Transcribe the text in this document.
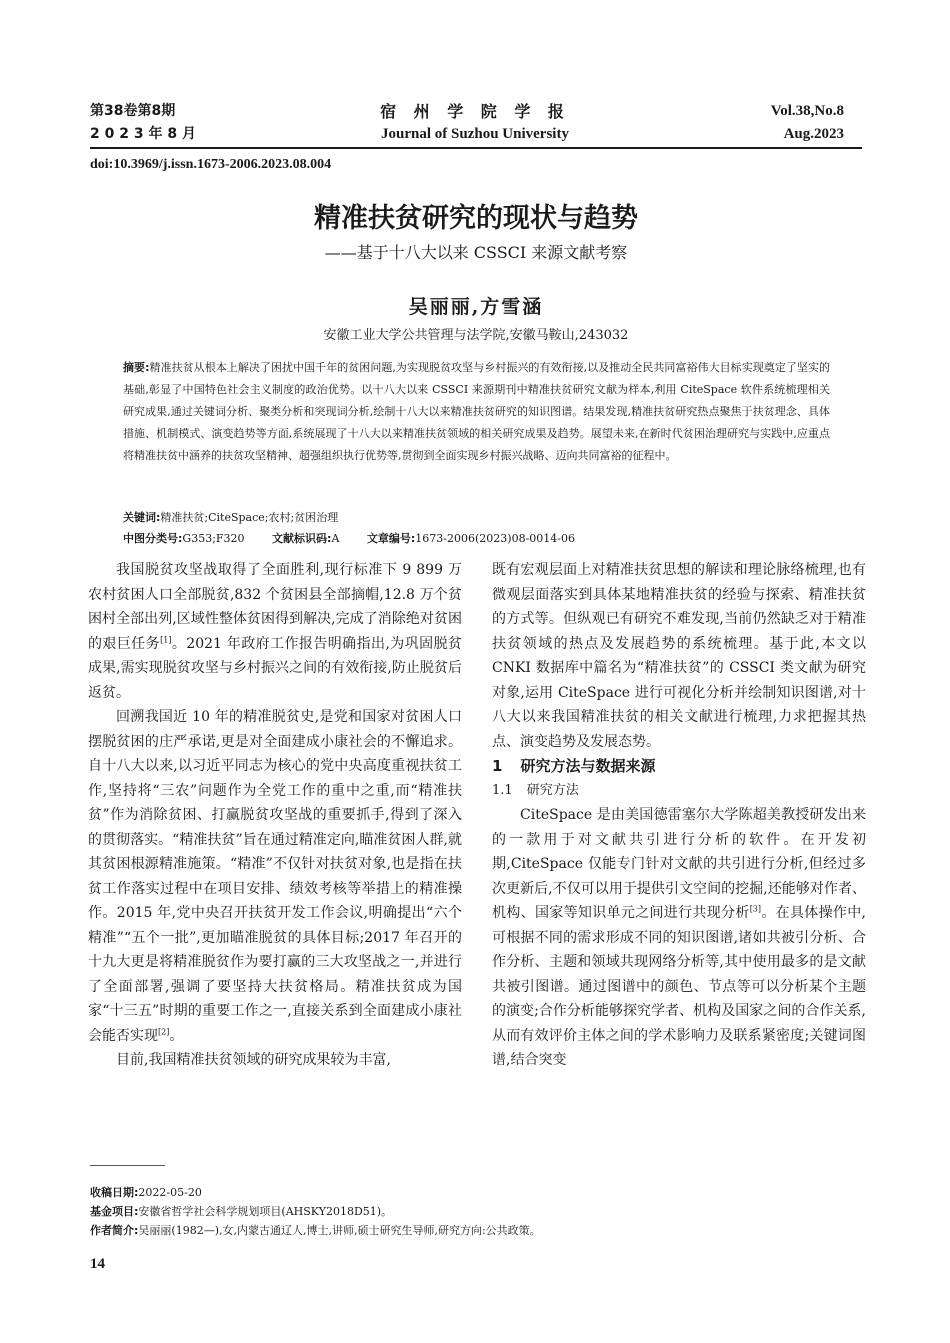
第38卷第8期
2 0 2 3 年 8 月
宿 州 学 院 学 报
Journal of Suzhou University
Vol.38,No.8
Aug.2023
doi:10.3969/j.issn.1673-2006.2023.08.004
精准扶贫研究的现状与趋势
——基于十八大以来 CSSCI 来源文献考察
吴丽丽,方雪涵
安徽工业大学公共管理与法学院,安徽马鞍山,243032
摘要:精准扶贫从根本上解决了困扰中国千年的贫困问题,为实现脱贫攻坚与乡村振兴的有效衔接,以及推动全民共同富裕伟大目标实现奠定了坚实的基础,彰显了中国特色社会主义制度的政治优势。以十八大以来 CSSCI 来源期刊中精准扶贫研究文献为样本,利用 CiteSpace 软件系统梳理相关研究成果,通过关键词分析、聚类分析和突现词分析,绘制十八大以来精准扶贫研究的知识图谱。结果发现,精准扶贫研究热点聚焦于扶贫理念、具体措施、机制模式、演变趋势等方面,系统展现了十八大以来精准扶贫领域的相关研究成果及趋势。展望未来,在新时代贫困治理研究与实践中,应重点将精准扶贫中涵养的扶贫攻坚精神、超强组织执行优势等,贯彻到全面实现乡村振兴战略、迈向共同富裕的征程中。
关键词:精准扶贫;CiteSpace;农村;贫困治理
中图分类号:G353;F320	文献标识码:A	文章编号:1673-2006(2023)08-0014-06

我国脱贫攻坚战取得了全面胜利,现行标准下 9 899 万农村贫困人口全部脱贫,832 个贫困县全部摘帽,12.8 万个贫困村全部出列,区域性整体贫困得到解决,完成了消除绝对贫困的艰巨任务[1]。2021 年政府工作报告明确指出,为巩固脱贫成果,需实现脱贫攻坚与乡村振兴之间的有效衔接,防止脱贫后返贫。

回溯我国近 10 年的精准脱贫史,是党和国家对贫困人口摆脱贫困的庄严承诺,更是对全面建成小康社会的不懈追求。自十八大以来,以习近平同志为核心的党中央高度重视扶贫工作,坚持将“三农”问题作为全党工作的重中之重,而“精准扶贫”作为消除贫困、打赢脱贫攻坚战的重要抓手,得到了深入的贯彻落实。“精准扶贫”旨在通过精准定向,瞄准贫困人群,就其贫困根源精准施策。“精准”不仅针对扶贫对象,也是指在扶贫工作落实过程中在项目安排、绩效考核等举措上的精准操作。2015 年,党中央召开扶贫开发工作会议,明确提出“六个精准”“五个一批”,更加瞄准脱贫的具体目标;2017 年召开的十九大更是将精准脱贫作为要打赢的三大攻坚战之一,并进行了全面部署,强调了要坚持大扶贫格局。精准扶贫成为国家“十三五”时期的重要工作之一,直接关系到全面建成小康社会能否实现[2]。

目前,我国精准扶贫领域的研究成果较为丰富,

既有宏观层面上对精准扶贫思想的解读和理论脉络梳理,也有微观层面落实到具体某地精准扶贫的经验与探索、精准扶贫的方式等。但纵观已有研究不难发现,当前仍然缺乏对于精准扶贫领域的热点及发展趋势的系统梳理。基于此,本文以 CNKI 数据库中篇名为“精准扶贫”的 CSSCI 类文献为研究对象,运用 CiteSpace 进行可视化分析并绘制知识图谱,对十八大以来我国精准扶贫的相关文献进行梳理,力求把握其热点、演变趋势及发展态势。

1 研究方法与数据来源

1.1 研究方法

CiteSpace 是由美国德雷塞尔大学陈超美教授研发出来的一款用于对文献共引进行分析的软件。在开发初期,CiteSpace 仅能专门针对文献的共引进行分析,但经过多次更新后,不仅可以用于提供引文空间的挖掘,还能够对作者、机构、国家等知识单元之间进行共现分析[3]。在具体操作中,可根据不同的需求形成不同的知识图谱,诸如共被引分析、合作分析、主题和领域共现网络分析等,其中使用最多的是文献共被引图谱。通过图谱中的颜色、节点等可以分析某个主题的演变;合作分析能够探究学者、机构及国家之间的合作关系,从而有效评价主体之间的学术影响力及联系紧密度;关键词图谱,结合突变

收稿日期:2022-05-20
基金项目:安徽省哲学社会科学规划项目(AHSKY2018D51)。
作者简介:吴丽丽(1982—),女,内蒙古通辽人,博士,讲师,硕士研究生导师,研究方向:公共政策。
14
